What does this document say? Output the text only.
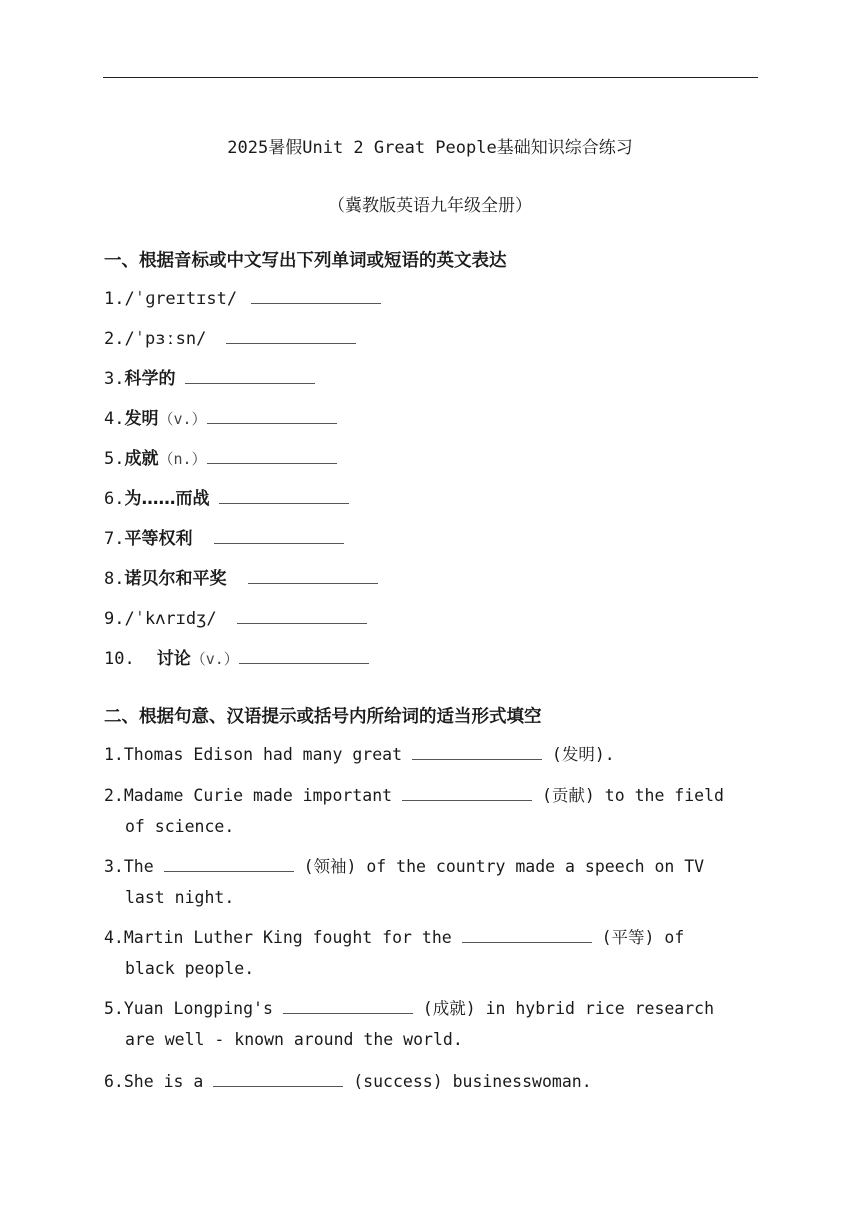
2025暑假Unit 2 Great People基础知识综合练习
（冀教版英语九年级全册）
一、根据音标或中文写出下列单词或短语的英文表达
1./ˈɡreɪtɪst/
2./ˈpɜːsn/
3.科学的
4.发明（v.）
5.成就（n.）
6.为……而战
7.平等权利
8.诺贝尔和平奖
9./ˈkʌrɪdʒ/
10. 讨论（v.）
二、根据句意、汉语提示或括号内所给词的适当形式填空
1.Thomas Edison had many great	(发明).
2.Madame Curie made important	(贡献) to the field
of science.
3.The	(领袖) of the country made a speech on TV
last night.
4.Martin Luther King fought for the	(平等) of
black people.
5.Yuan Longping's	(成就) in hybrid rice research
are well - known around the world.
6.She is a	(success) businesswoman.
